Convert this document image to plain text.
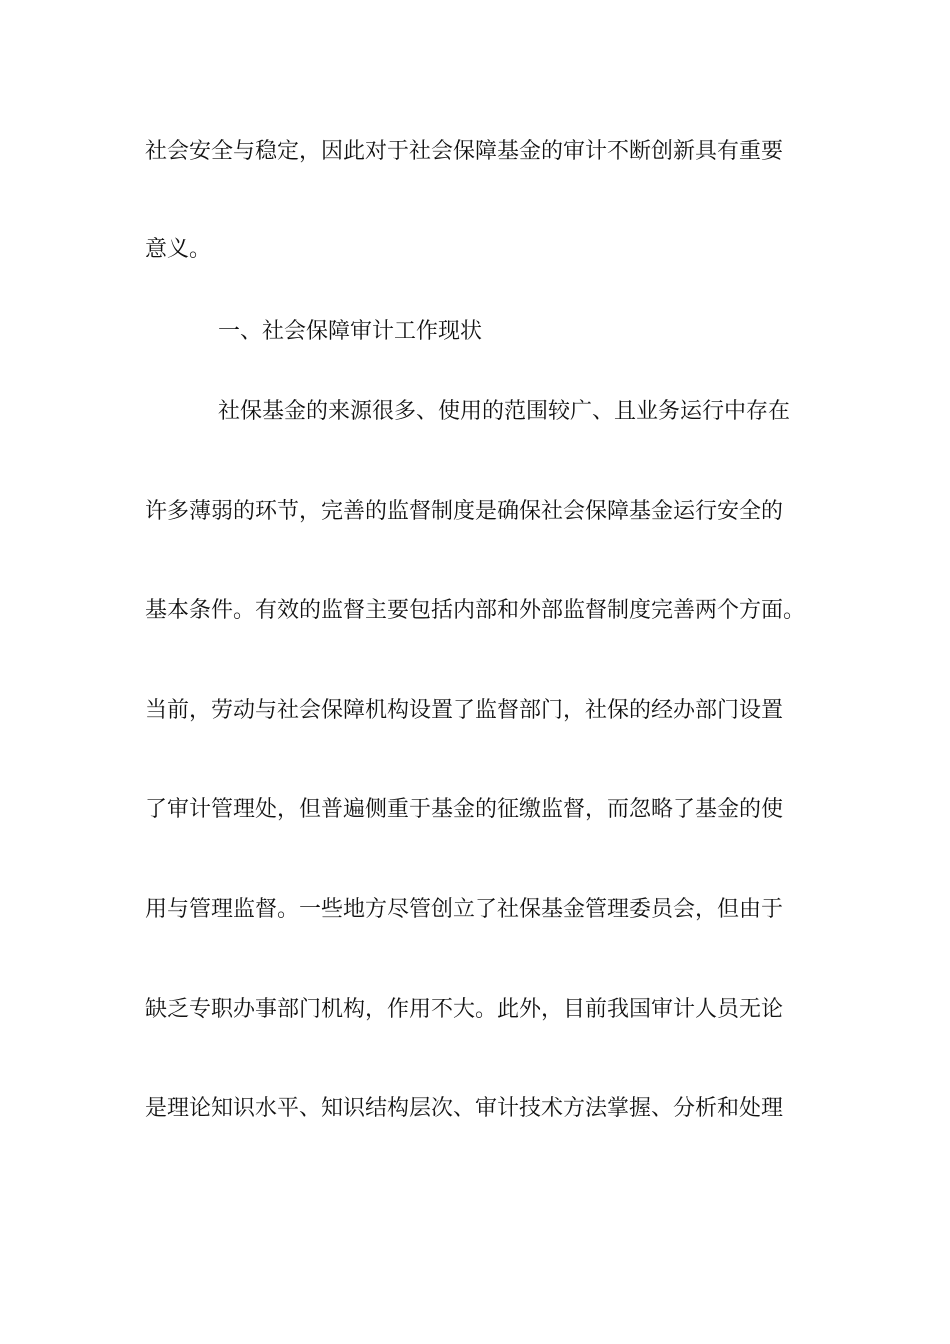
社会安全与稳定，因此对于社会保障基金的审计不断创新具有重要

意义。

一、社会保障审计工作现状

社保基金的来源很多、使用的范围较广、且业务运行中存在

许多薄弱的环节，完善的监督制度是确保社会保障基金运行安全的

基本条件。有效的监督主要包括内部和外部监督制度完善两个方面。

当前，劳动与社会保障机构设置了监督部门，社保的经办部门设置

了审计管理处，但普遍侧重于基金的征缴监督，而忽略了基金的使

用与管理监督。一些地方尽管创立了社保基金管理委员会，但由于

缺乏专职办事部门机构，作用不大。此外，目前我国审计人员无论

是理论知识水平、知识结构层次、审计技术方法掌握、分析和处理
